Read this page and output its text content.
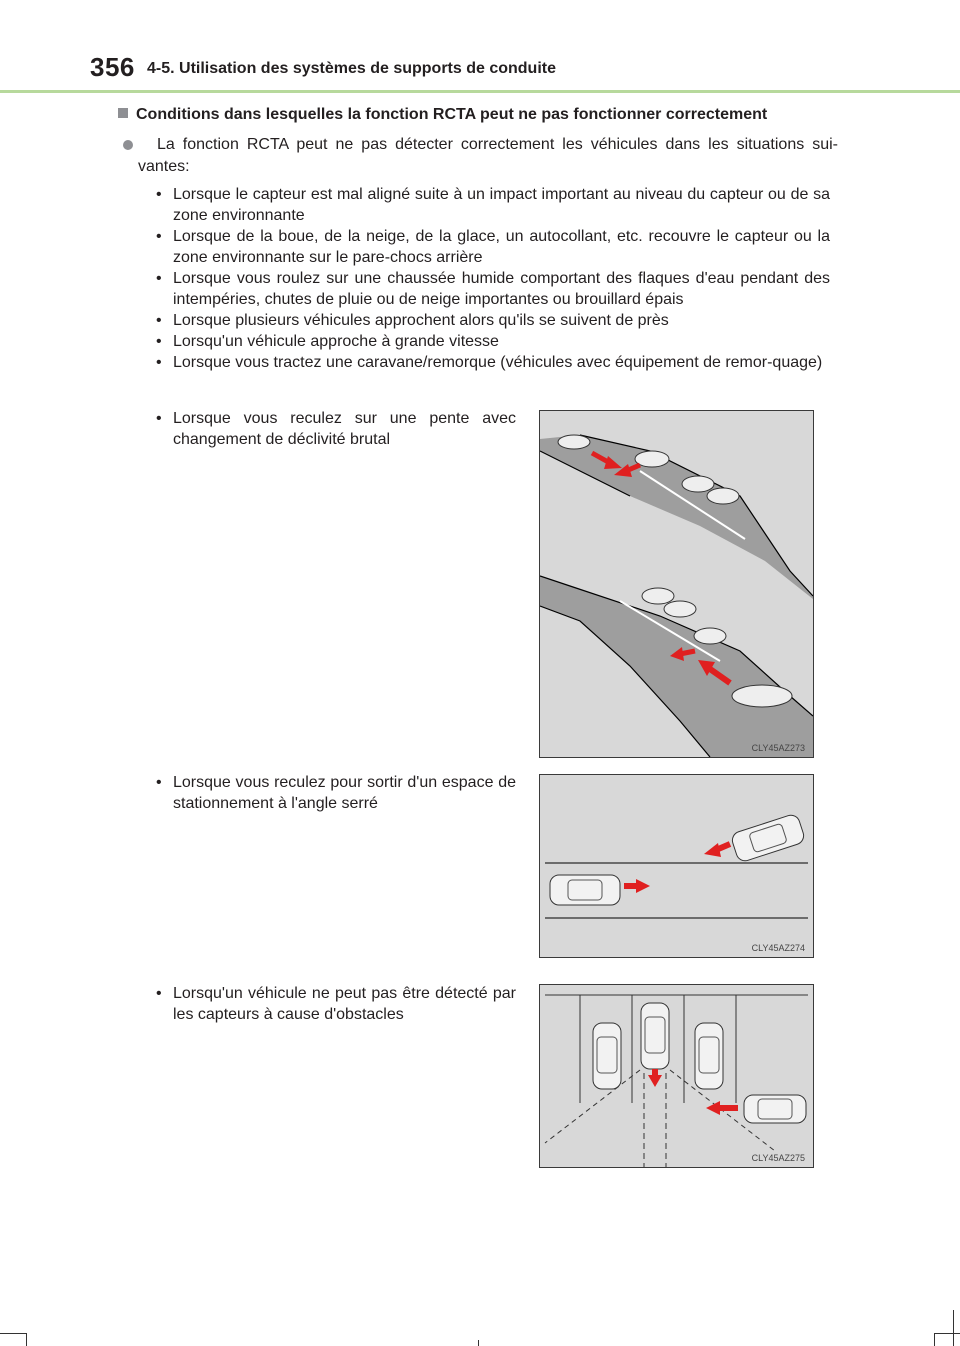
356 4-5. Utilisation des systèmes de supports de conduite
Conditions dans lesquelles la fonction RCTA peut ne pas fonctionner correctement
La fonction RCTA peut ne pas détecter correctement les véhicules dans les situations sui-vantes:
• Lorsque le capteur est mal aligné suite à un impact important au niveau du capteur ou de sa zone environnante
• Lorsque de la boue, de la neige, de la glace, un autocollant, etc. recouvre le capteur ou la zone environnante sur le pare-chocs arrière
• Lorsque vous roulez sur une chaussée humide comportant des flaques d'eau pendant des intempéries, chutes de pluie ou de neige importantes ou brouillard épais
• Lorsque plusieurs véhicules approchent alors qu'ils se suivent de près
• Lorsqu'un véhicule approche à grande vitesse
• Lorsque vous tractez une caravane/remorque (véhicules avec équipement de remor-quage)
• Lorsque vous reculez sur une pente avec changement de déclivité brutal
CLY45AZ273
• Lorsque vous reculez pour sortir d'un espace de stationnement à l'angle serré
CLY45AZ274
• Lorsqu'un véhicule ne peut pas être détecté par les capteurs à cause d'obstacles
CLY45AZ275
